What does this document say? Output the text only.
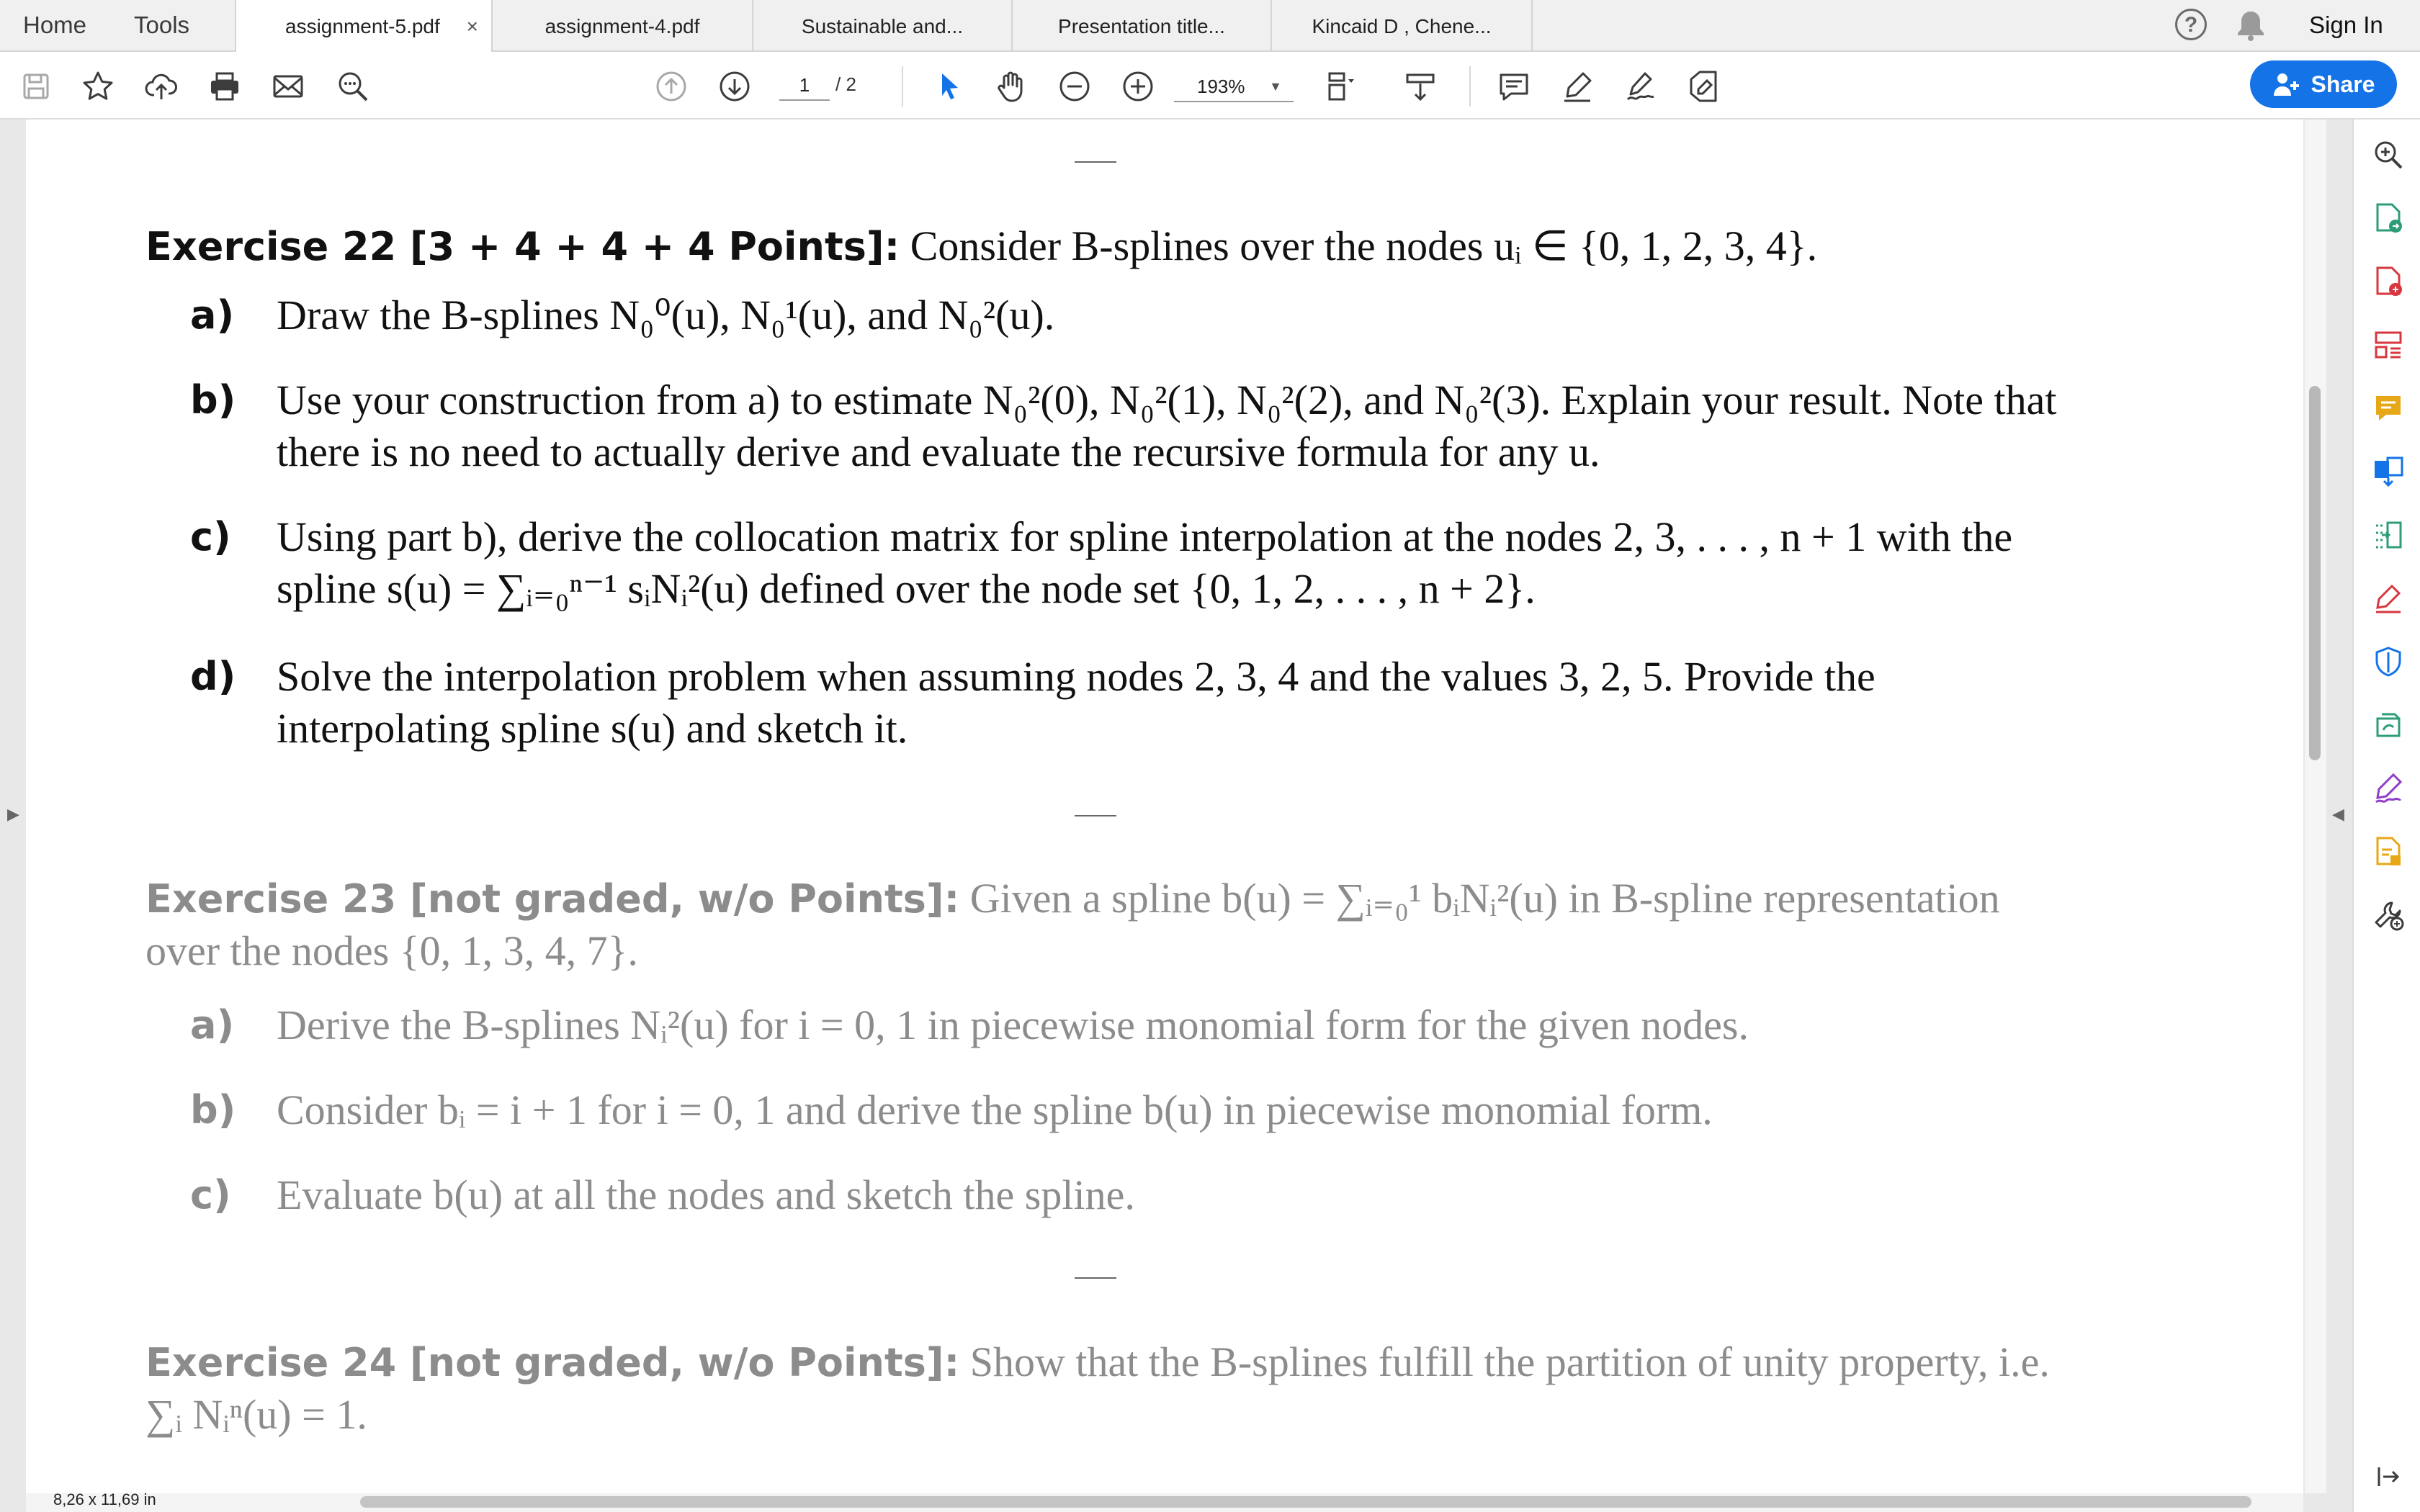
Home Tools	assignment-5.pdf ×	assignment-4.pdf	Sustainable and...	Presentation title...	Kincaid D , Chene...	?	Sign In
1
/ 2	193% ▼	Share
Exercise 22 [3 + 4 + 4 + 4 Points]: Consider B-splines over the nodes uᵢ ∈ {0, 1, 2, 3, 4}.
a) Draw the B-splines N₀⁰(u), N₀¹(u), and N₀²(u).
b) Use your construction from a) to estimate N₀²(0), N₀²(1), N₀²(2), and N₀²(3). Explain your result. Note that there is no need to actually derive and evaluate the recursive formula for any u.
c) Using part b), derive the collocation matrix for spline interpolation at the nodes 2, 3, . . . , n + 1 with the spline s(u) = ∑ᵢ₌₀ⁿ⁻¹ sᵢNᵢ²(u) defined over the node set {0, 1, 2, . . . , n + 2}.
d) Solve the interpolation problem when assuming nodes 2, 3, 4 and the values 3, 2, 5. Provide the interpolating spline s(u) and sketch it.
Exercise 23 [not graded, w/o Points]: Given a spline b(u) = ∑ᵢ₌₀¹ bᵢNᵢ²(u) in B-spline representation over the nodes {0, 1, 3, 4, 7}.
a) Derive the B-splines Nᵢ²(u) for i = 0, 1 in piecewise monomial form for the given nodes.
b) Consider bᵢ = i + 1 for i = 0, 1 and derive the spline b(u) in piecewise monomial form.
c) Evaluate b(u) at all the nodes and sketch the spline.
Exercise 24 [not graded, w/o Points]: Show that the B-splines fulfill the partition of unity property, i.e. ∑ᵢ Nᵢⁿ(u) = 1.
▶	◀
8,26 x 11,69 in
